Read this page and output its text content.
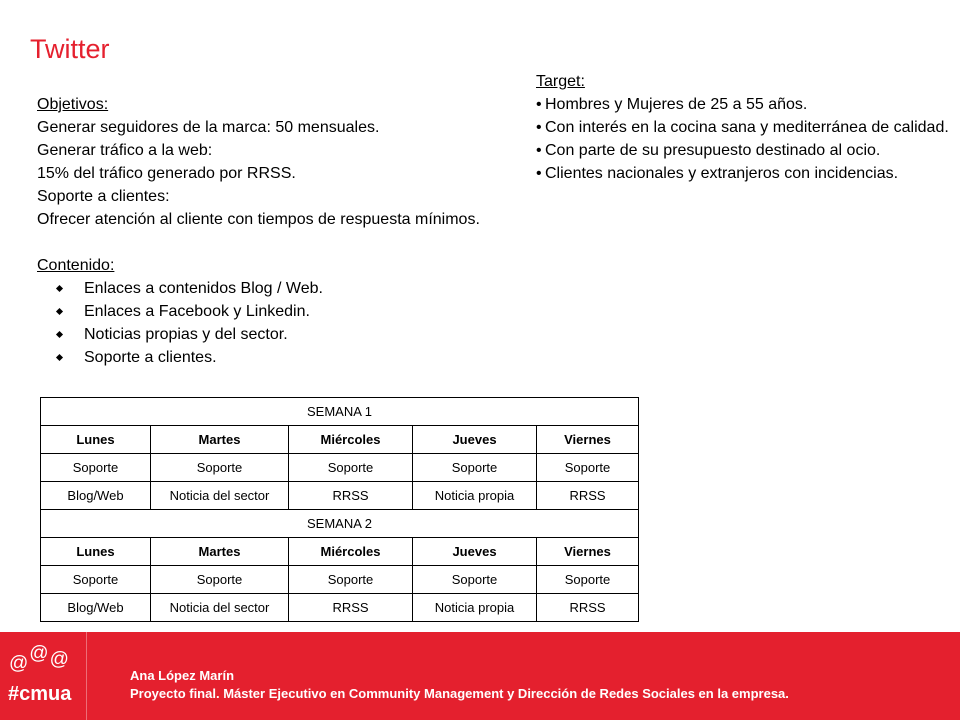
Twitter
Objetivos:
Generar seguidores de la marca: 50 mensuales.
Generar tráfico a la web:
15% del tráfico generado por RRSS.
Soporte a clientes:
Ofrecer atención al cliente con tiempos de respuesta mínimos.
Contenido:
Enlaces a contenidos Blog / Web.
Enlaces a Facebook y Linkedin.
Noticias propias y del sector.
Soporte a clientes.
Target:
• Hombres y Mujeres de 25 a 55 años.
• Con interés en la cocina sana y mediterránea de calidad.
• Con parte de su presupuesto destinado al ocio.
• Clientes nacionales y extranjeros con incidencias.
SEMANA 1				
Lunes	Martes	Miércoles	Jueves	Viernes
Soporte	Soporte	Soporte	Soporte	Soporte
Blog/Web	Noticia del sector	RRSS	Noticia propia	RRSS
SEMANA 2				
Lunes	Martes	Miércoles	Jueves	Viernes
Soporte	Soporte	Soporte	Soporte	Soporte
Blog/Web	Noticia del sector	RRSS	Noticia propia	RRSS
@@@
#cmua
Ana López Marín
Proyecto final. Máster Ejecutivo en Community Management y Dirección de Redes Sociales en la empresa.
